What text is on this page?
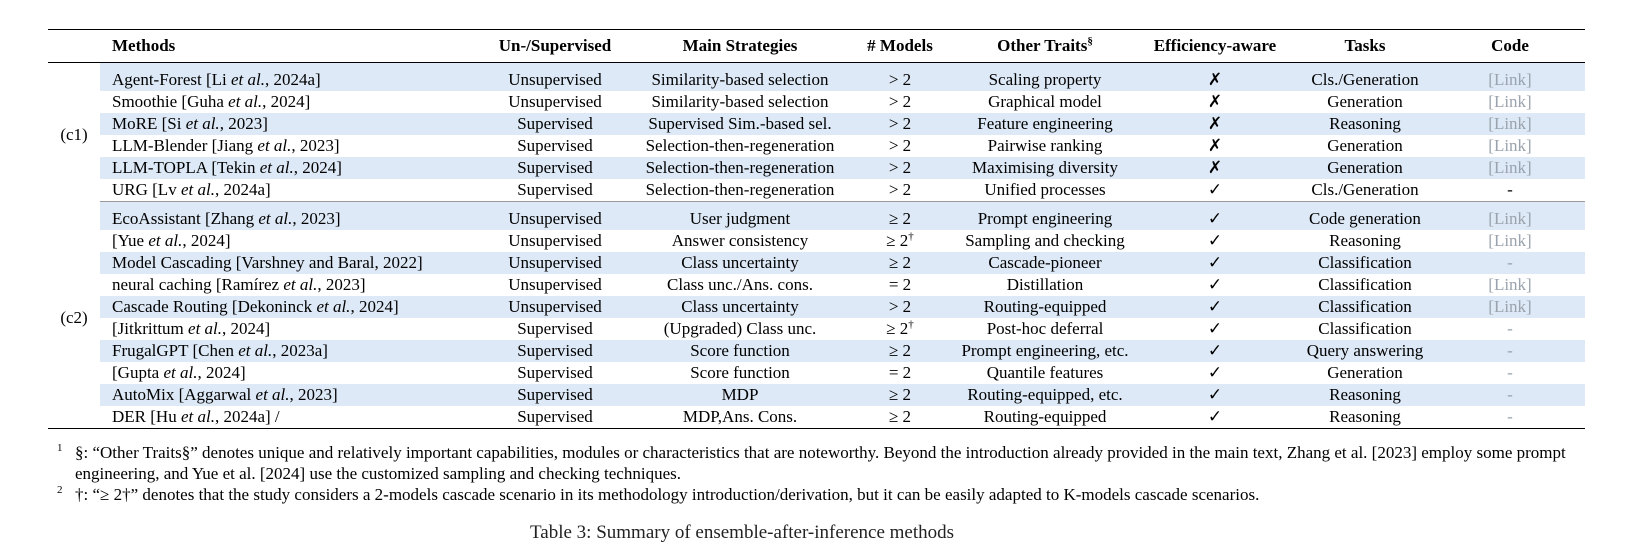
	Methods	Un-/Supervised	Main Strategies	# Models	Other Traits§	Efficiency-aware	Tasks	Code
(c1)	Agent-Forest [Li et al., 2024a]	Unsupervised	Similarity-based selection	> 2	Scaling property	✗	Cls./Generation	[Link]
	Smoothie [Guha et al., 2024]	Unsupervised	Similarity-based selection	> 2	Graphical model	✗	Generation	[Link]
	MoRE [Si et al., 2023]	Supervised	Supervised Sim.-based sel.	> 2	Feature engineering	✗	Reasoning	[Link]
	LLM-Blender [Jiang et al., 2023]	Supervised	Selection-then-regeneration	> 2	Pairwise ranking	✗	Generation	[Link]
	LLM-TOPLA [Tekin et al., 2024]	Supervised	Selection-then-regeneration	> 2	Maximising diversity	✗	Generation	[Link]
	URG [Lv et al., 2024a]	Supervised	Selection-then-regeneration	> 2	Unified processes	✓	Cls./Generation	-
(c2)	EcoAssistant [Zhang et al., 2023]	Unsupervised	User judgment	≥ 2	Prompt engineering	✓	Code generation	[Link]
	[Yue et al., 2024]	Unsupervised	Answer consistency	≥ 2†	Sampling and checking	✓	Reasoning	[Link]
	Model Cascading [Varshney and Baral, 2022]	Unsupervised	Class uncertainty	≥ 2	Cascade-pioneer	✓	Classification	-
	neural caching [Ramírez et al., 2023]	Unsupervised	Class unc./Ans. cons.	= 2	Distillation	✓	Classification	[Link]
	Cascade Routing [Dekoninck et al., 2024]	Unsupervised	Class uncertainty	> 2	Routing-equipped	✓	Classification	[Link]
	[Jitkrittum et al., 2024]	Supervised	(Upgraded) Class unc.	≥ 2†	Post-hoc deferral	✓	Classification	-
	FrugalGPT [Chen et al., 2023a]	Supervised	Score function	≥ 2	Prompt engineering, etc.	✓	Query answering	-
	[Gupta et al., 2024]	Supervised	Score function	= 2	Quantile features	✓	Generation	-
	AutoMix [Aggarwal et al., 2023]	Supervised	MDP	≥ 2	Routing-equipped, etc.	✓	Reasoning	-
	DER [Hu et al., 2024a] /	Supervised	MDP,Ans. Cons.	≥ 2	Routing-equipped	✓	Reasoning	-
1 §: “Other Traits§” denotes unique and relatively important capabilities, modules or characteristics that are noteworthy. Beyond the introduction already provided in the main text, Zhang et al. [2023] employ some prompt engineering, and Yue et al. [2024] use the customized sampling and checking techniques.
2 †: “≥ 2†” denotes that the study considers a 2-models cascade scenario in its methodology introduction/derivation, but it can be easily adapted to K-models cascade scenarios.
Table 3: Summary of ensemble-after-inference methods
